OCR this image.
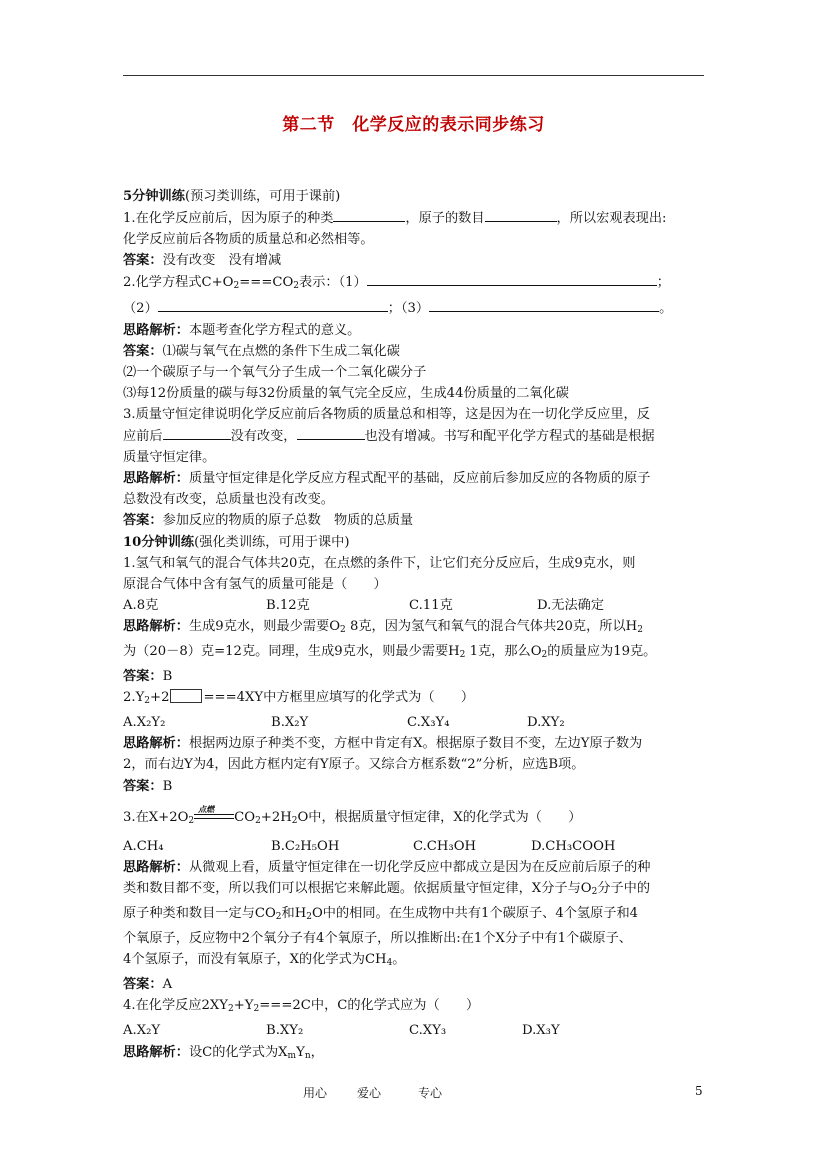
第二节　化学反应的表示同步练习

5分钟训练(预习类训练，可用于课前)

1.在化学反应前后，因为原子的种类	，原子的数目	，所以宏观表现出:

化学反应前后各物质的质量总和必然相等。

答案：没有改变　没有增减

2.化学方程式$C+O_2===CO_2$表示：（1）	；

（2）	；（3）	。

思路解析：本题考查化学方程式的意义。

答案：⑴碳与氧气在点燃的条件下生成二氧化碳

⑵一个碳原子与一个氧气分子生成一个二氧化碳分子

⑶每12份质量的碳与每32份质量的氧气完全反应，生成44份质量的二氧化碳

3.质量守恒定律说明化学反应前后各物质的质量总和相等，这是因为在一切化学反应里，反

应前后	没有改变，	也没有增减。书写和配平化学方程式的基础是根据

质量守恒定律。

思路解析：质量守恒定律是化学反应方程式配平的基础，反应前后参加反应的各物质的原子

总数没有改变，总质量也没有改变。

答案：参加反应的物质的原子总数　物质的总质量

10分钟训练(强化类训练，可用于课中)

1.氢气和氧气的混合气体共20克，在点燃的条件下，让它们充分反应后，生成9克水，则

原混合气体中含有氢气的质量可能是（　　）

A.8克	B.12克	C.11克	D.无法确定

思路解析：生成9克水，则最少需要$O_2$ 8克，因为氢气和氧气的混合气体共20克，所以$H_2$

为（20－8）克=12克。同理，生成9克水，则最少需要$H_2$ 1克，那么$O_2$的质量应为19克。

答案：B

$2.Y_2+2$	===4XY中方框里应填写的化学式为（　　）

A.X₂Y₂	B.X₂Y	C.X₃Y₄	D.XY₂

思路解析：根据两边原子种类不变，方框中肯定有X。根据原子数目不变，左边Y原子数为

2，而右边Y为4，因此方框内定有Y原子。又综合方框系数“2”分析，应选B项。

答案：B

3.在$X+2O_2$
点燃
$CO_2+2H_2O$中，根据质量守恒定律，X的化学式为（　　）

A.CH₄	B.C₂H₅OH	C.CH₃OH	D.CH₃COOH

思路解析：从微观上看，质量守恒定律在一切化学反应中都成立是因为在反应前后原子的种

类和数目都不变，所以我们可以根据它来解此题。依据质量守恒定律，X分子与$O_2$分子中的

原子种类和数目一定与$CO_2$和$H_2O$中的相同。在生成物中共有1个碳原子、4个氢原子和4

个氧原子，反应物中2个氧分子有4个氧原子，所以推断出:在1个X分子中有1个碳原子、

4个氢原子，而没有氧原子，X的化学式为$CH_4$。

答案：A

4.在化学反应$2XY_2+Y_2===2C$中，C的化学式应为（　　）

A.X₂Y	B.XY₂	C.XY₃	D.X₃Y

思路解析：设C的化学式为$X_mY_n$，

用心 爱心	专心	5
